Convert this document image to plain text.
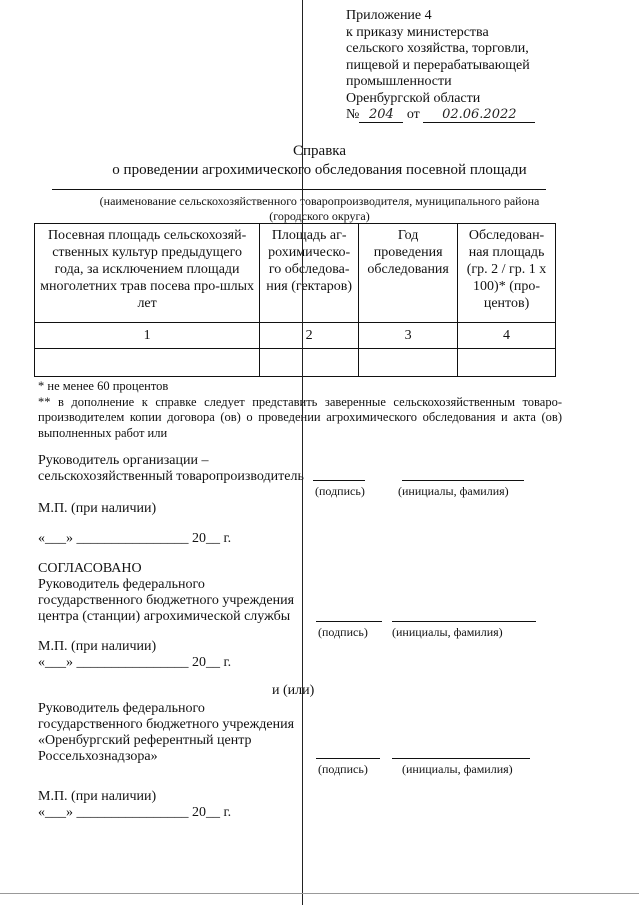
Приложение 4
к приказу министерства
сельского хозяйства, торговли,
пищевой и перерабатывающей
промышленности
Оренбургской области
№ 204 от 02.06.2022
Справка
о проведении агрохимического обследования посевной площади
(наименование сельскохозяйственного товаропроизводителя, муниципального района
(городского округа)
Посевная площадь сельскохозяй-ственных культур предыдущего года, за исключением площади многолетних трав посева про-шлых лет	Площадь аг-рохимическо-го обследова-ния (гектаров)	Год проведения обследования	Обследован-ная площадь (гр. 2 / гр. 1 x 100)* (про-центов)
1	2	3	4

* не менее 60 процентов
** в дополнение к справке следует представить заверенные сельскохозяйственным товаро-производителем копии договора (ов) о проведении агрохимического обследования и акта (ов) выполненных работ или
Руководитель организации –
сельскохозяйственный товаропроизводитель
(подпись)	(инициалы, фамилия)
М.П. (при наличии)
«___» ________________ 20__ г.
СОГЛАСОВАНО
Руководитель федерального
государственного бюджетного учреждения
центра (станции) агрохимической службы
(подпись) (инициалы, фамилия)
М.П. (при наличии)
«___» ________________ 20__ г.
и (или)
Руководитель федерального
государственного бюджетного учреждения
«Оренбургский референтный центр
Россельхознадзора»
(подпись)	(инициалы, фамилия)
М.П. (при наличии)
«___» ________________ 20__ г.
